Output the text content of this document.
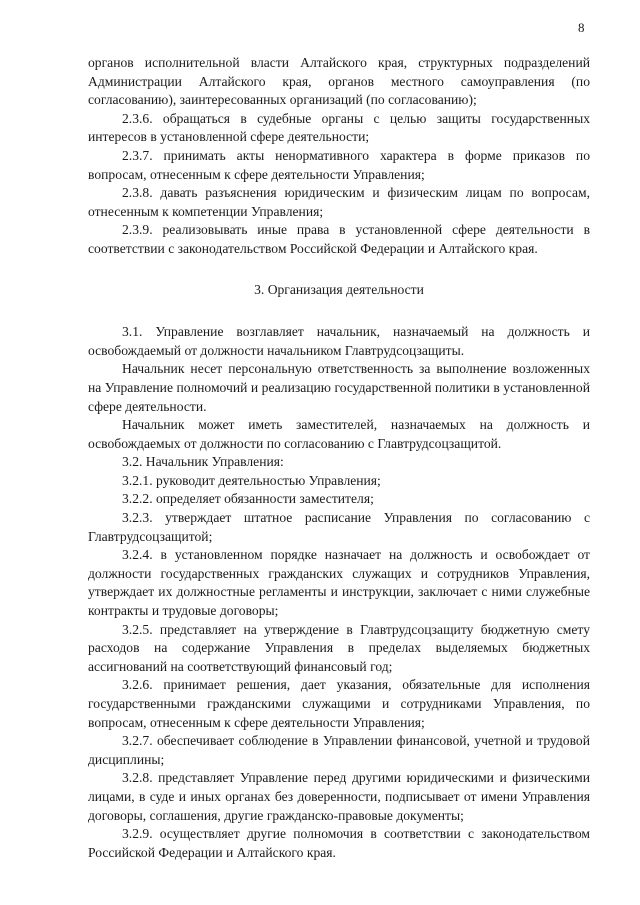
8

органов исполнительной власти Алтайского края, структурных подразделений Администрации Алтайского края, органов местного самоуправления (по согласованию), заинтересованных организаций (по согласованию);

2.3.6. обращаться в судебные органы с целью защиты государственных интересов в установленной сфере деятельности;

2.3.7. принимать акты ненормативного характера в форме приказов по вопросам, отнесенным к сфере деятельности Управления;

2.3.8. давать разъяснения юридическим и физическим лицам по вопросам, отнесенным к компетенции Управления;

2.3.9. реализовывать иные права в установленной сфере деятельности в соответствии с законодательством Российской Федерации и Алтайского края.

3. Организация деятельности

3.1. Управление возглавляет начальник, назначаемый на должность и освобождаемый от должности начальником Главтрудсоцзащиты.

Начальник несет персональную ответственность за выполнение возложенных на Управление полномочий и реализацию государственной политики в установленной сфере деятельности.

Начальник может иметь заместителей, назначаемых на должность и освобождаемых от должности по согласованию с Главтрудсоцзащитой.

3.2. Начальник Управления:

3.2.1. руководит деятельностью Управления;

3.2.2. определяет обязанности заместителя;

3.2.3. утверждает штатное расписание Управления по согласованию с Главтрудсоцзащитой;

3.2.4. в установленном порядке назначает на должность и освобождает от должности государственных гражданских служащих и сотрудников Управления, утверждает их должностные регламенты и инструкции, заключает с ними служебные контракты и трудовые договоры;

3.2.5. представляет на утверждение в Главтрудсоцзащиту бюджетную смету расходов на содержание Управления в пределах выделяемых бюджетных ассигнований на соответствующий финансовый год;

3.2.6. принимает решения, дает указания, обязательные для исполнения государственными гражданскими служащими и сотрудниками Управления, по вопросам, отнесенным к сфере деятельности Управления;

3.2.7. обеспечивает соблюдение в Управлении финансовой, учетной и трудовой дисциплины;

3.2.8. представляет Управление перед другими юридическими и физическими лицами, в суде и иных органах без доверенности, подписывает от имени Управления договоры, соглашения, другие гражданско-правовые документы;

3.2.9. осуществляет другие полномочия в соответствии с законодательством Российской Федерации и Алтайского края.
